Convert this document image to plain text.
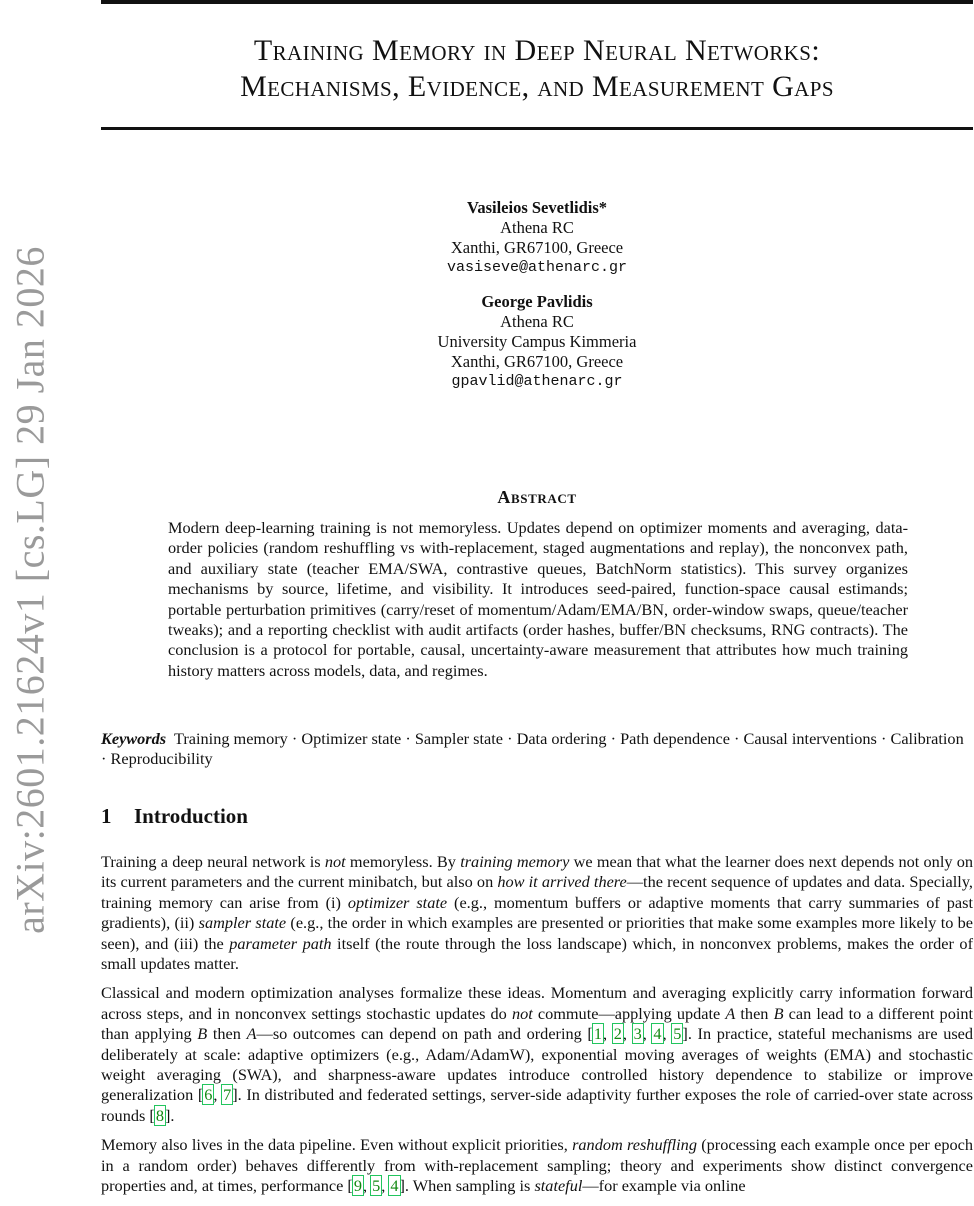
arXiv:2601.21624v1 [cs.LG] 29 Jan 2026
Training Memory in Deep Neural Networks:
Mechanisms, Evidence, and Measurement Gaps
Vasileios Sevetlidis*
Athena RC
Xanthi, GR67100, Greece
vasiseve@athenarc.gr
George Pavlidis
Athena RC
University Campus Kimmeria
Xanthi, GR67100, Greece
gpavlid@athenarc.gr
Abstract
Modern deep-learning training is not memoryless. Updates depend on optimizer moments and averaging, data-order policies (random reshuffling vs with-replacement, staged augmentations and replay), the nonconvex path, and auxiliary state (teacher EMA/SWA, contrastive queues, BatchNorm statistics). This survey organizes mechanisms by source, lifetime, and visibility. It introduces seed-paired, function-space causal estimands; portable perturbation primitives (carry/reset of momentum/Adam/EMA/BN, order-window swaps, queue/teacher tweaks); and a reporting checklist with audit artifacts (order hashes, buffer/BN checksums, RNG contracts). The conclusion is a protocol for portable, causal, uncertainty-aware measurement that attributes how much training history matters across models, data, and regimes.
Keywords Training memory · Optimizer state · Sampler state · Data ordering · Path dependence · Causal interventions · Calibration · Reproducibility
1 Introduction

Training a deep neural network is not memoryless. By training memory we mean that what the learner does next depends not only on its current parameters and the current minibatch, but also on how it arrived there—the recent sequence of updates and data. Specially, training memory can arise from (i) optimizer state (e.g., momentum buffers or adaptive moments that carry summaries of past gradients), (ii) sampler state (e.g., the order in which examples are presented or priorities that make some examples more likely to be seen), and (iii) the parameter path itself (the route through the loss landscape) which, in nonconvex problems, makes the order of small updates matter.

Classical and modern optimization analyses formalize these ideas. Momentum and averaging explicitly carry information forward across steps, and in nonconvex settings stochastic updates do not commute—applying update A then B can lead to a different point than applying B then A—so outcomes can depend on path and ordering [1, 2, 3, 4, 5]. In practice, stateful mechanisms are used deliberately at scale: adaptive optimizers (e.g., Adam/AdamW), exponential moving averages of weights (EMA) and stochastic weight averaging (SWA), and sharpness-aware updates introduce controlled history dependence to stabilize or improve generalization [6, 7]. In distributed and federated settings, server-side adaptivity further exposes the role of carried-over state across rounds [8].

Memory also lives in the data pipeline. Even without explicit priorities, random reshuffling (processing each example once per epoch in a random order) behaves differently from with-replacement sampling; theory and experiments show distinct convergence properties and, at times, performance [9, 5, 4]. When sampling is stateful—for example via online
